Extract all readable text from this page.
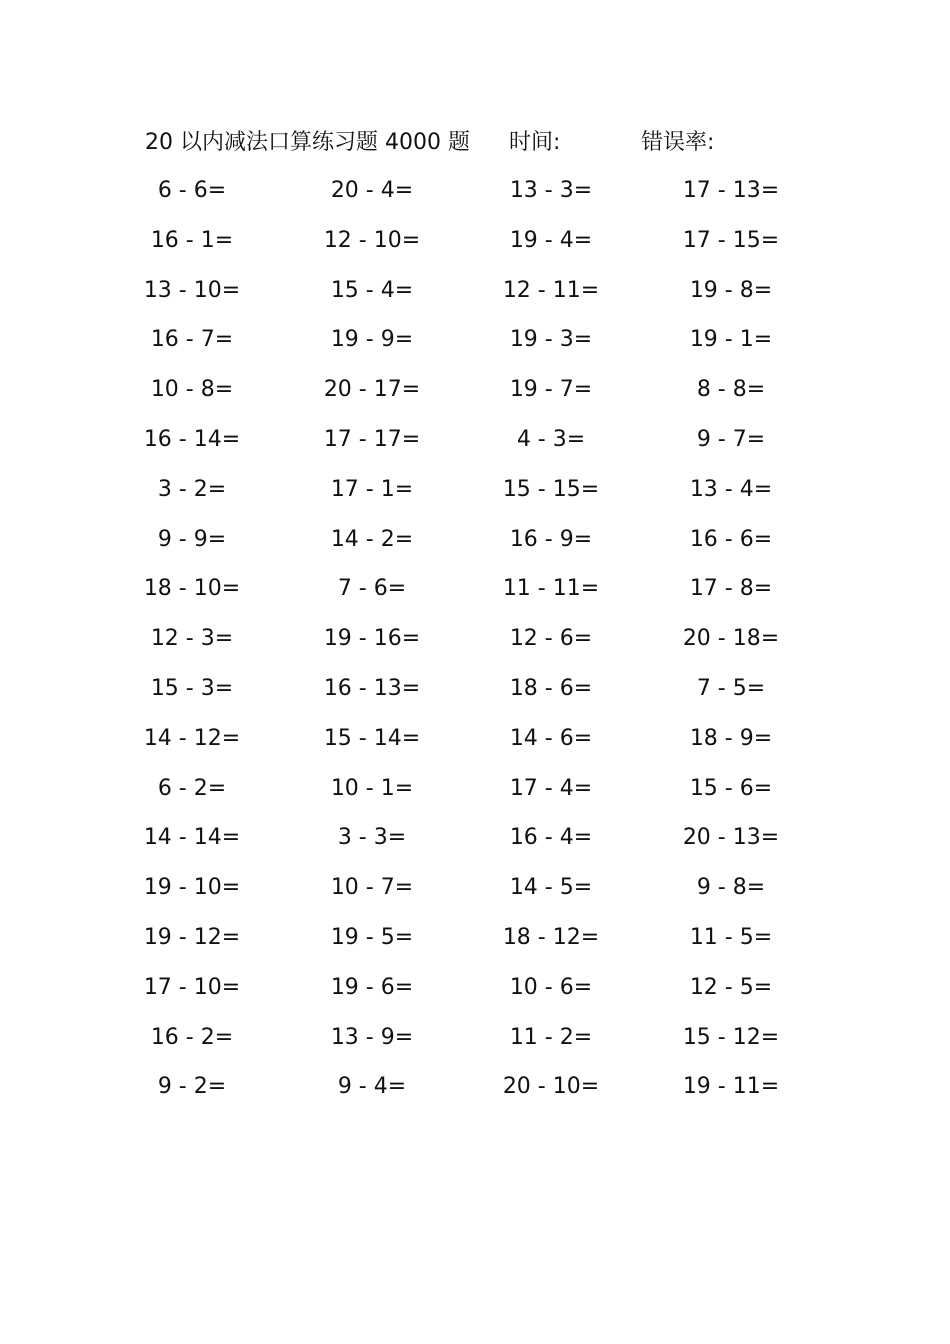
20 以内减法口算练习题 4000 题 时间:	错误率:
6 - 6=	20 - 4=	13 - 3=	17 - 13=
16 - 1=	12 - 10=	19 - 4=	17 - 15=
13 - 10=	15 - 4=	12 - 11=	19 - 8=
16 - 7=	19 - 9=	19 - 3=	19 - 1=
10 - 8=	20 - 17=	19 - 7=	8 - 8=
16 - 14=	17 - 17=	4 - 3=	9 - 7=
3 - 2=	17 - 1=	15 - 15=	13 - 4=
9 - 9=	14 - 2=	16 - 9=	16 - 6=
18 - 10=	7 - 6=	11 - 11=	17 - 8=
12 - 3=	19 - 16=	12 - 6=	20 - 18=
15 - 3=	16 - 13=	18 - 6=	7 - 5=
14 - 12=	15 - 14=	14 - 6=	18 - 9=
6 - 2=	10 - 1=	17 - 4=	15 - 6=
14 - 14=	3 - 3=	16 - 4=	20 - 13=
19 - 10=	10 - 7=	14 - 5=	9 - 8=
19 - 12=	19 - 5=	18 - 12=	11 - 5=
17 - 10=	19 - 6=	10 - 6=	12 - 5=
16 - 2=	13 - 9=	11 - 2=	15 - 12=
9 - 2=	9 - 4=	20 - 10=	19 - 11=
